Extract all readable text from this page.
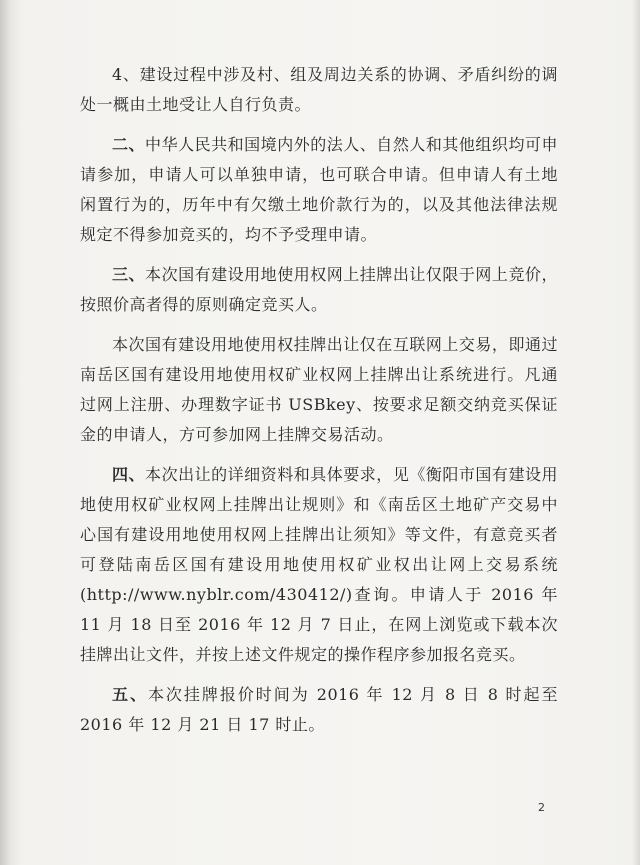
4、建设过程中涉及村、组及周边关系的协调、矛盾纠纷的调处一概由土地受让人自行负责。

二、中华人民共和国境内外的法人、自然人和其他组织均可申请参加，申请人可以单独申请，也可联合申请。但申请人有土地闲置行为的，历年中有欠缴土地价款行为的，以及其他法律法规规定不得参加竞买的，均不予受理申请。

三、本次国有建设用地使用权网上挂牌出让仅限于网上竞价，按照价高者得的原则确定竞买人。

本次国有建设用地使用权挂牌出让仅在互联网上交易，即通过南岳区国有建设用地使用权矿业权网上挂牌出让系统进行。凡通过网上注册、办理数字证书 USBkey、按要求足额交纳竞买保证金的申请人，方可参加网上挂牌交易活动。

四、本次出让的详细资料和具体要求，见《衡阳市国有建设用地使用权矿业权网上挂牌出让规则》和《南岳区土地矿产交易中心国有建设用地使用权网上挂牌出让须知》等文件，有意竞买者可登陆南岳区国有建设用地使用权矿业权出让网上交易系统(http://www.nyblr.com/430412/)查询。申请人于 2016 年 11 月 18 日至 2016 年 12 月 7 日止，在网上浏览或下载本次挂牌出让文件，并按上述文件规定的操作程序参加报名竞买。

五、本次挂牌报价时间为 2016 年 12 月 8 日 8 时起至 2016 年 12 月 21 日 17 时止。

2
